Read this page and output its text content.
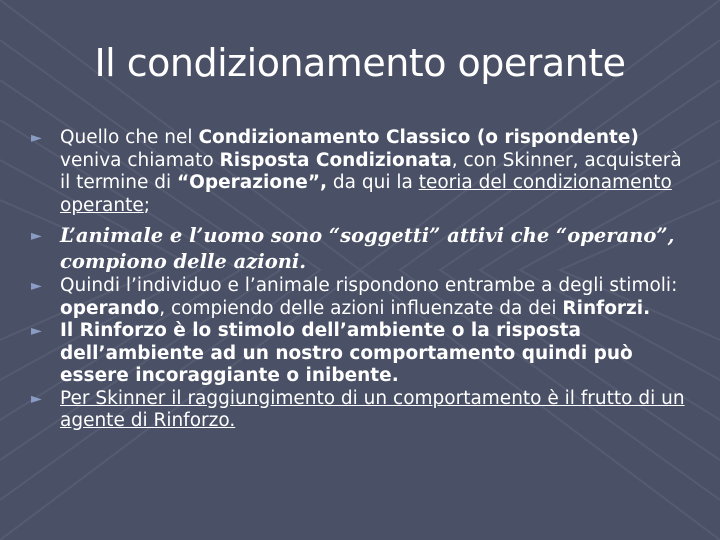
Il condizionamento operante
► Quello che nel Condizionamento Classico (o rispondente) veniva chiamato Risposta Condizionata, con Skinner, acquisterà il termine di “Operazione”, da qui la teoria del condizionamento operante;
► L’animale e l’uomo sono “soggetti” attivi che “operano”, compiono delle azioni.
► Quindi l’individuo e l’animale rispondono entrambe a degli stimoli: operando, compiendo delle azioni influenzate da dei Rinforzi.
► Il Rinforzo è lo stimolo dell’ambiente o la risposta dell’ambiente ad un nostro comportamento quindi può essere incoraggiante o inibente.
► Per Skinner il raggiungimento di un comportamento è il frutto di un agente di Rinforzo.
